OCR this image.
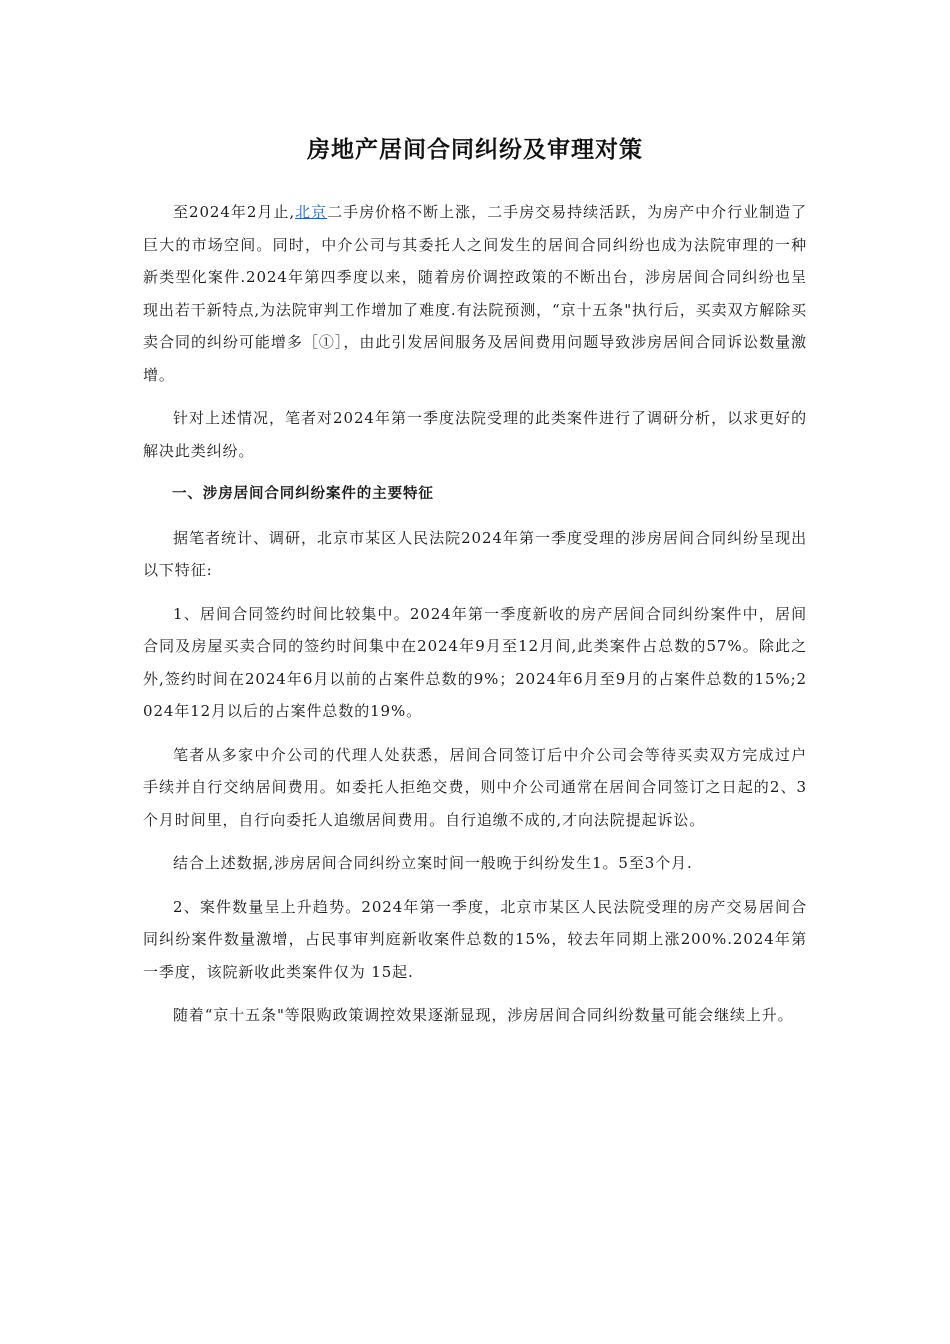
房地产居间合同纠纷及审理对策

至2024年2月止,北京二手房价格不断上涨，二手房交易持续活跃，为房产中介行业制造了巨大的市场空间。同时，中介公司与其委托人之间发生的居间合同纠纷也成为法院审理的一种新类型化案件.2024年第四季度以来，随着房价调控政策的不断出台，涉房居间合同纠纷也呈现出若干新特点,为法院审判工作增加了难度.有法院预测，“京十五条"执行后，买卖双方解除买卖合同的纠纷可能增多［①］，由此引发居间服务及居间费用问题导致涉房居间合同诉讼数量激增。

针对上述情况，笔者对2024年第一季度法院受理的此类案件进行了调研分析，以求更好的解决此类纠纷。

一、涉房居间合同纠纷案件的主要特征

据笔者统计、调研，北京市某区人民法院2024年第一季度受理的涉房居间合同纠纷呈现出以下特征:

1、居间合同签约时间比较集中。2024年第一季度新收的房产居间合同纠纷案件中，居间合同及房屋买卖合同的签约时间集中在2024年9月至12月间,此类案件占总数的57%。除此之外,签约时间在2024年6月以前的占案件总数的9%；2024年6月至9月的占案件总数的15%;2024年12月以后的占案件总数的19%。

笔者从多家中介公司的代理人处获悉，居间合同签订后中介公司会等待买卖双方完成过户手续并自行交纳居间费用。如委托人拒绝交费，则中介公司通常在居间合同签订之日起的2、3个月时间里，自行向委托人追缴居间费用。自行追缴不成的,才向法院提起诉讼。

结合上述数据,涉房居间合同纠纷立案时间一般晚于纠纷发生1。5至3个月.

2、案件数量呈上升趋势。2024年第一季度，北京市某区人民法院受理的房产交易居间合同纠纷案件数量激增，占民事审判庭新收案件总数的15%，较去年同期上涨200%.2024年第一季度，该院新收此类案件仅为 15起.

随着“京十五条"等限购政策调控效果逐渐显现，涉房居间合同纠纷数量可能会继续上升。
